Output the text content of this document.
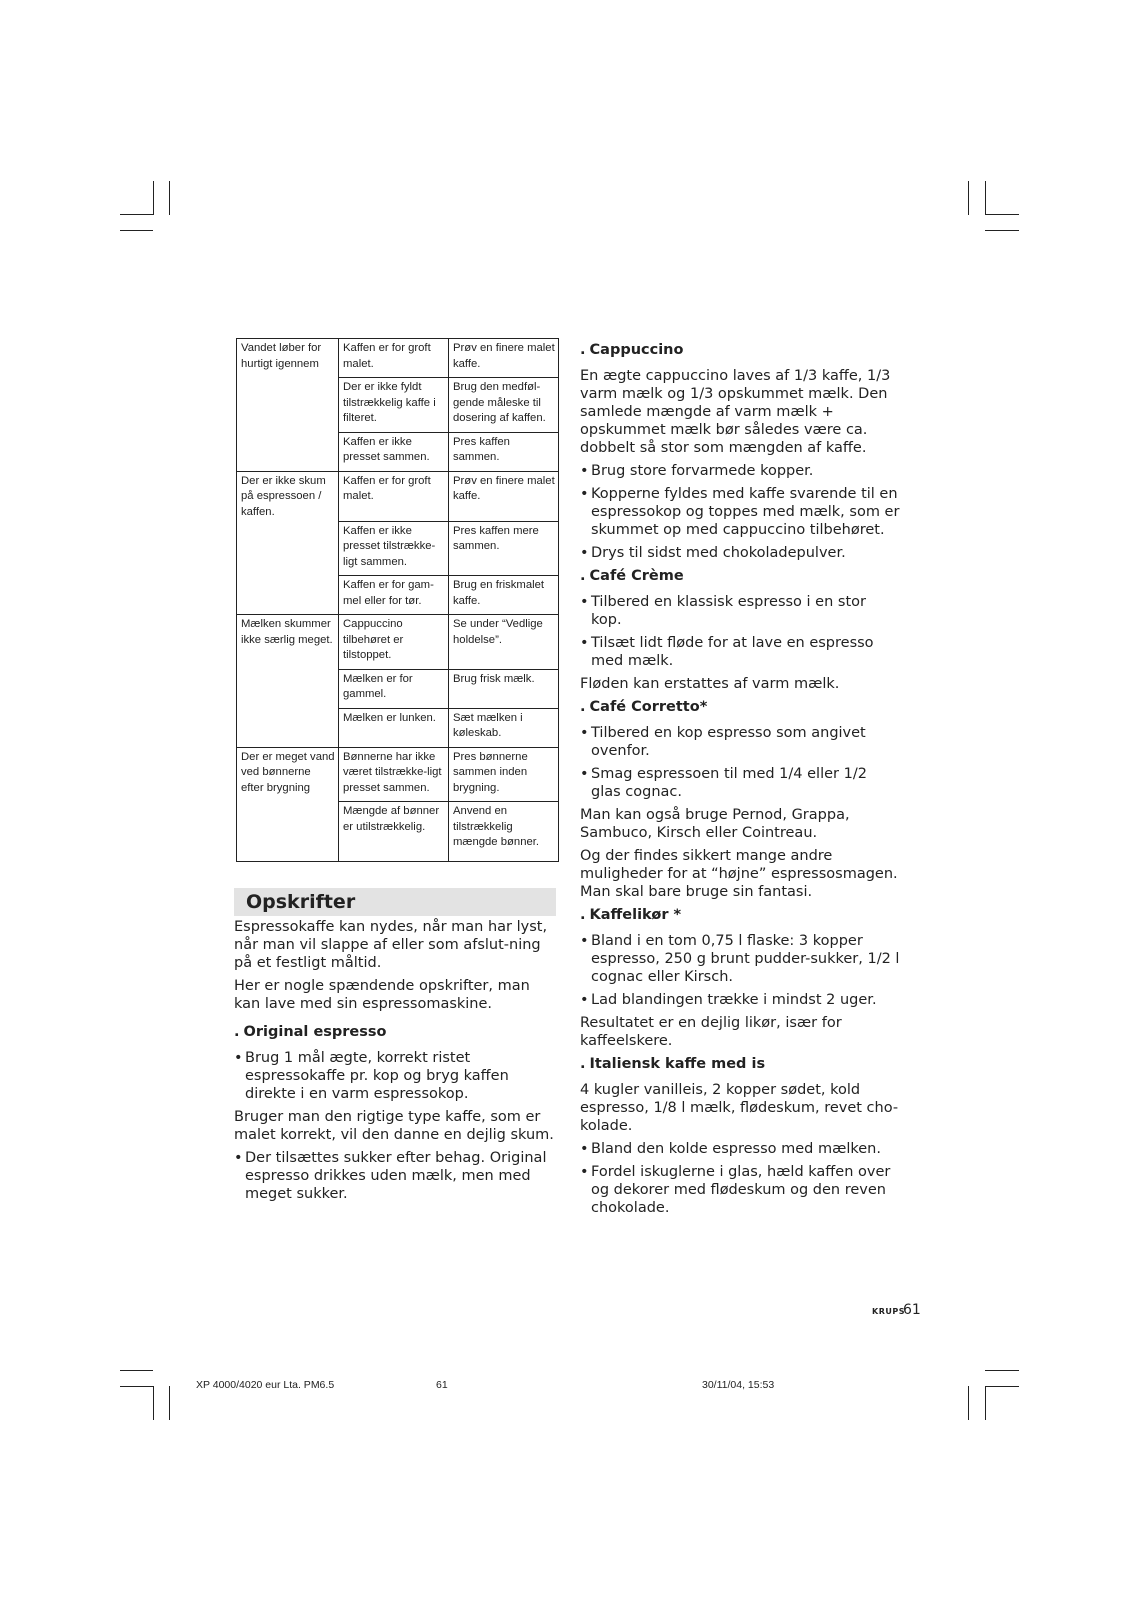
Vandet løber for hurtigt igennem	Kaffen er for groft malet.	Prøv en finere malet kaffe.
	Der er ikke fyldt tilstrækkelig kaffe i filteret.	Brug den medføl-gende måleske til dosering af kaffen.
	Kaffen er ikke presset sammen.	Pres kaffen sammen.
Der er ikke skum på espressoen / kaffen.	Kaffen er for groft malet.	Prøv en finere malet kaffe.
	Kaffen er ikke presset tilstrække-ligt sammen.	Pres kaffen mere sammen.
	Kaffen er for gam-mel eller for tør.	Brug en friskmalet kaffe.
Mælken skummer ikke særlig meget.	Cappuccino tilbehøret er tilstoppet.	Se under “Vedlige holdelse”.
	Mælken er for gammel.	Brug frisk mælk.
	Mælken er lunken.	Sæt mælken i køleskab.
Der er meget vand ved bønnerne efter brygning	Bønnerne har ikke været tilstrække-ligt presset sammen.	Pres bønnerne sammen inden brygning.
	Mængde af bønner er utilstrækkelig.	Anvend en tilstrækkelig mængde bønner.
Opskrifter

Espressokaffe kan nydes, når man har lyst, når man vil slappe af eller som afslut-ning på et festligt måltid.

Her er nogle spændende opskrifter, man kan lave med sin espressomaskine.

. Original espresso
• Brug 1 mål ægte, korrekt ristet espressokaffe pr. kop og bryg kaffen direkte i en varm espressokop.

Bruger man den rigtige type kaffe, som er malet korrekt, vil den danne en dejlig skum.

• Der tilsættes sukker efter behag. Original espresso drikkes uden mælk, men med meget sukker.
. Cappuccino

En ægte cappuccino laves af 1/3 kaffe, 1/3 varm mælk og 1/3 opskummet mælk. Den samlede mængde af varm mælk + opskummet mælk bør således være ca. dobbelt så stor som mængden af kaffe.

• Brug store forvarmede kopper.
• Kopperne fyldes med kaffe svarende til en espressokop og toppes med mælk, som er skummet op med cappuccino tilbehøret.
• Drys til sidst med chokoladepulver.
. Café Crème
• Tilbered en klassisk espresso i en stor kop.
• Tilsæt lidt fløde for at lave en espresso med mælk.

Fløden kan erstattes af varm mælk.

. Café Corretto*
• Tilbered en kop espresso som angivet ovenfor.
• Smag espressoen til med 1/4 eller 1/2 glas cognac.

Man kan også bruge Pernod, Grappa, Sambuco, Kirsch eller Cointreau.

Og der findes sikkert mange andre muligheder for at “højne” espressosmagen. Man skal bare bruge sin fantasi.

. Kaffelikør *
• Bland i en tom 0,75 l flaske: 3 kopper espresso, 250 g brunt pudder-sukker, 1/2 l cognac eller Kirsch.
• Lad blandingen trække i mindst 2 uger.

Resultatet er en dejlig likør, især for kaffeelskere.

. Italiensk kaffe med is

4 kugler vanilleis, 2 kopper sødet, kold espresso, 1/8 l mælk, flødeskum, revet cho-kolade.

• Bland den kolde espresso med mælken.
• Fordel iskuglerne i glas, hæld kaffen over og dekorer med flødeskum og den reven chokolade.
KRUPS
61
XP 4000/4020 eur Lta. PM6.5	61	30/11/04, 15:53
